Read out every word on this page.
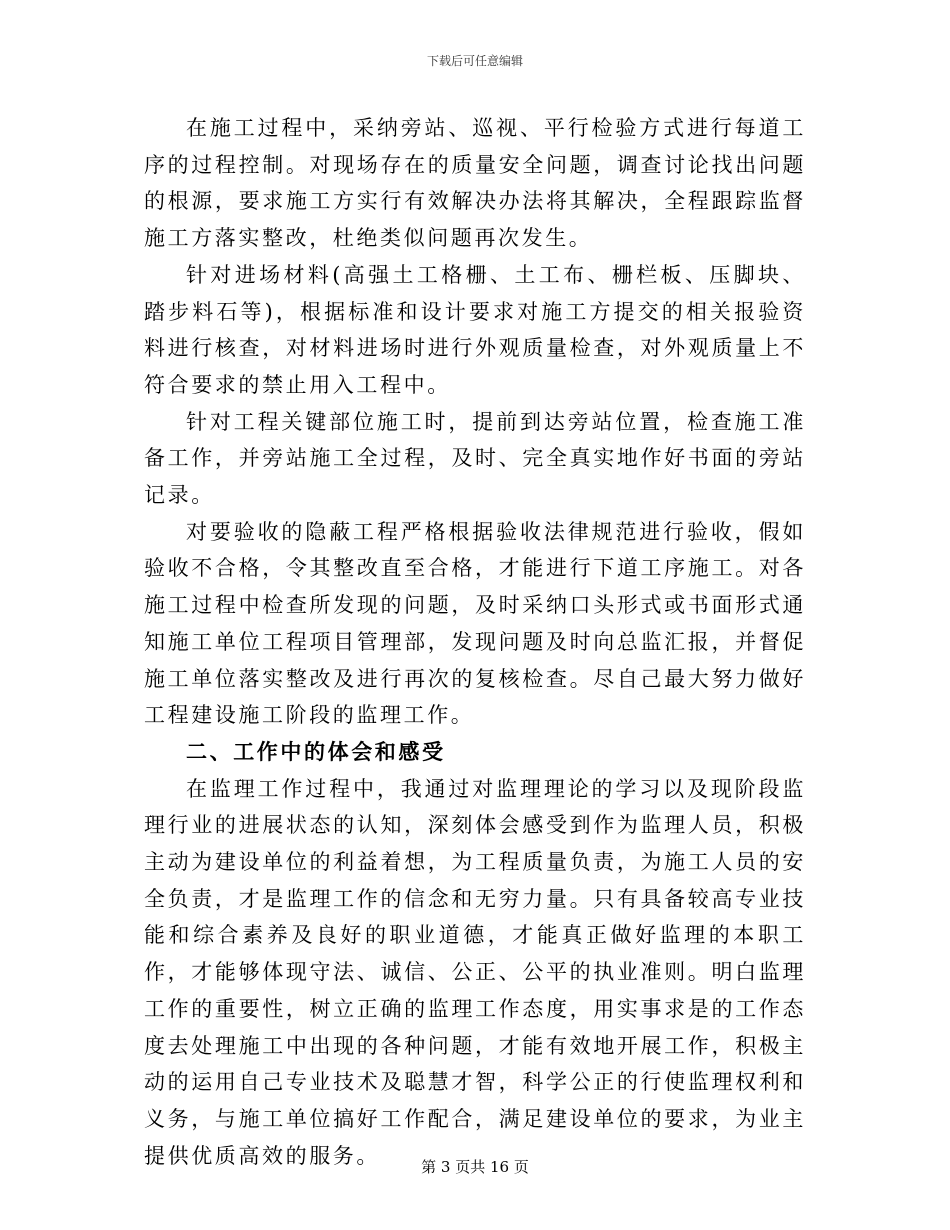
下载后可任意编辑

在施工过程中，采纳旁站、巡视、平行检验方式进行每道工序的过程控制。对现场存在的质量安全问题，调查讨论找出问题的根源，要求施工方实行有效解决办法将其解决，全程跟踪监督施工方落实整改，杜绝类似问题再次发生。

针对进场材料(高强土工格栅、土工布、栅栏板、压脚块、踏步料石等)，根据标准和设计要求对施工方提交的相关报验资料进行核查，对材料进场时进行外观质量检查，对外观质量上不符合要求的禁止用入工程中。

针对工程关键部位施工时，提前到达旁站位置，检查施工准备工作，并旁站施工全过程，及时、完全真实地作好书面的旁站记录。

对要验收的隐蔽工程严格根据验收法律规范进行验收，假如验收不合格，令其整改直至合格，才能进行下道工序施工。对各施工过程中检查所发现的问题，及时采纳口头形式或书面形式通知施工单位工程项目管理部，发现问题及时向总监汇报，并督促施工单位落实整改及进行再次的复核检查。尽自己最大努力做好工程建设施工阶段的监理工作。

二、工作中的体会和感受

在监理工作过程中，我通过对监理理论的学习以及现阶段监理行业的进展状态的认知，深刻体会感受到作为监理人员，积极主动为建设单位的利益着想，为工程质量负责，为施工人员的安全负责，才是监理工作的信念和无穷力量。只有具备较高专业技能和综合素养及良好的职业道德，才能真正做好监理的本职工作，才能够体现守法、诚信、公正、公平的执业准则。明白监理工作的重要性，树立正确的监理工作态度，用实事求是的工作态度去处理施工中出现的各种问题，才能有效地开展工作，积极主动的运用自己专业技术及聪慧才智，科学公正的行使监理权利和义务，与施工单位搞好工作配合，满足建设单位的要求，为业主提供优质高效的服务。	第 3 页共 16 页
